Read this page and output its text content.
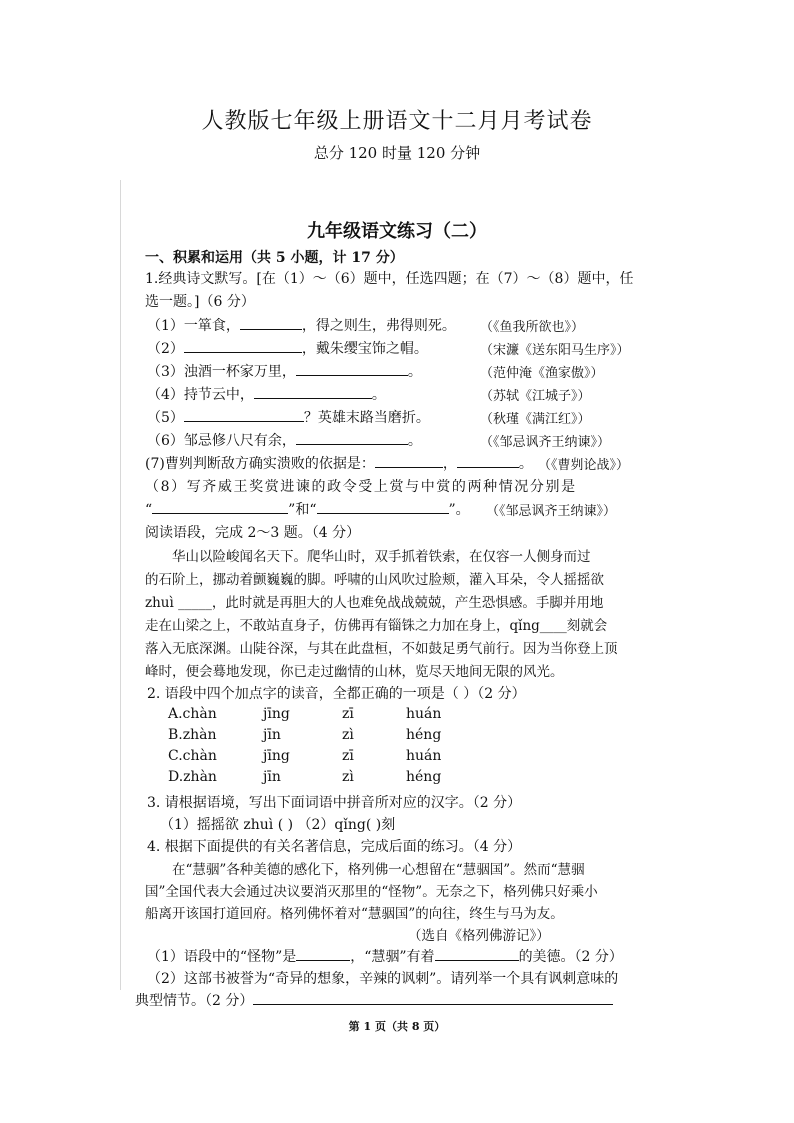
人教版七年级上册语文十二月月考试卷
总分 120 时量 120 分钟
九年级语文练习（二）
一、积累和运用（共 5 小题，计 17 分）
1.经典诗文默写。[在（1）～（6）题中，任选四题；在（7）～（8）题中，任
选一题。]（6 分）
（1）一箪食，	，得之则生，弗得则死。 （《鱼我所欲也》）
（2）	，戴朱缨宝饰之帽。	（宋濂《送东阳马生序》）
（3）浊酒一杯家万里，	。	（范仲淹《渔家傲》）
（4）持节云中，	。	（苏轼《江城子》）
（5）	？英雄末路当磨折。	（秋瑾《满江红》）
（6）邹忌修八尺有余，	。	（《邹忌讽齐王纳谏》）
(7)曹刿判断敌方确实溃败的依据是：	，	。 （《曹刿论战》）
（8）写齐威王奖赏进谏的政令受上赏与中赏的两种情况分别是
“	”和“	”。 （《邹忌讽齐王纳谏》）
阅读语段，完成 2～3 题。（4 分）
华山以险峻闻名天下。爬华山时，双手抓着铁索，在仅容一人侧身而过
的石阶上，挪动着颤巍巍的脚。呼啸的山风吹过脸颊，灌入耳朵，令人摇摇欲
zhuì _____，此时就是再胆大的人也难免战战兢兢，产生恐惧感。手脚并用地
走在山梁之上，不敢站直身子，仿佛再有锱铢之力加在身上，qǐng____刻就会
落入无底深渊。山陡谷深，与其在此盘桓，不如鼓足勇气前行。因为当你登上顶
峰时，便会蓦地发现，你已走过幽情的山林，览尽天地间无限的风光。
2. 语段中四个加点字的读音，全都正确的一项是（ ）（2 分）
A.chàn	jīng	zī	huán
B.zhàn	jīn	zì	héng
C.chàn	jīng	zī	huán
D.zhàn	jīn	zì	héng
3. 请根据语境，写出下面词语中拼音所对应的汉字。（2 分）
（1）摇摇欲 zhuì ( ) （2）qǐng( )刻
4. 根据下面提供的有关名著信息，完成后面的练习。（4 分）
在“慧骃”各种美德的感化下，格列佛一心想留在“慧骃国”。然而“慧骃
国”全国代表大会通过决议要消灭那里的“怪物”。无奈之下，格列佛只好乘小
船离开该国打道回府。格列佛怀着对“慧骃国”的向往，终生与马为友。
（选自《格列佛游记》）
（1）语段中的“怪物”是	，“慧骃”有着	的美德。（2 分）
（2）这部书被誉为“奇异的想象，辛辣的讽刺”。请列举一个具有讽刺意味的
典型情节。（2 分）
第 1 页（共 8 页）
